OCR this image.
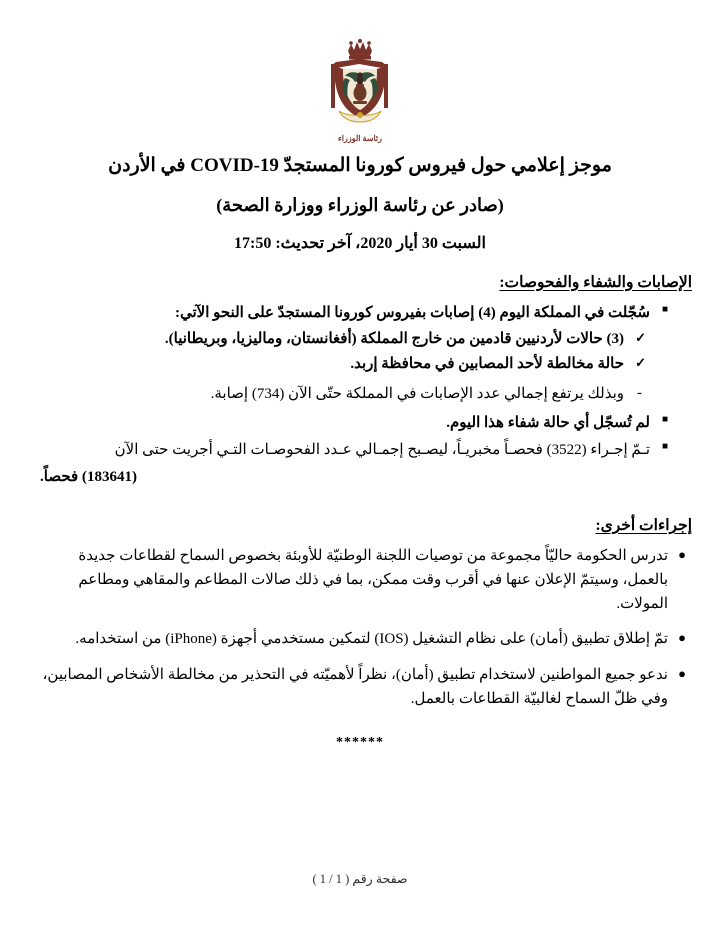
رئاسة الوزراء

موجز إعلامي حول فيروس كورونا المستجدّ COVID-19 في الأردن

(صادر عن رئاسة الوزراء ووزارة الصحة)

السبت 30 أيار 2020، آخر تحديث: 17:50
الإصابات والشفاء والفحوصات:
■
سُجّلت في المملكة اليوم (4) إصابات بفيروس كورونا المستجدّ على النحو الآتي:
✓
(3) حالات لأردنيين قادمين من خارج المملكة (أفغانستان، وماليزيا، وبريطانيا).
✓
حالة مخالطة لأحد المصابين في محافظة إربد.
-
وبذلك يرتفع إجمالي عدد الإصابات في المملكة حتّى الآن (734) إصابة.
■
لم تُسجّل أي حالة شفاء هذا اليوم.
■
تـمّ إجـراء (3522) فحصـاً مخبريـاً، ليصـبح إجمـالي عـدد الفحوصـات التـي أجريت حتى الآن
(183641) فحصاً.
إجراءات أخرى:
●
تدرس الحكومة حاليّاً مجموعة من توصيات اللجنة الوطنيّة للأوبئة بخصوص السماح لقطاعات جديدة بالعمل، وسيتمّ الإعلان عنها في أقرب وقت ممكن، بما في ذلك صالات المطاعم والمقاهي ومطاعم المولات.
●
تمّ إطلاق تطبيق (أمان) على نظام التشغيل (IOS) لتمكين مستخدمي أجهزة (iPhone) من استخدامه.
●
ندعو جميع المواطنين لاستخدام تطبيق (أمان)، نظراً لأهميّته في التحذير من مخالطة الأشخاص المصابين، وفي ظلّ السماح لغالبيّة القطاعات بالعمل.
******
صفحة رقم ( 1 / 1 )
